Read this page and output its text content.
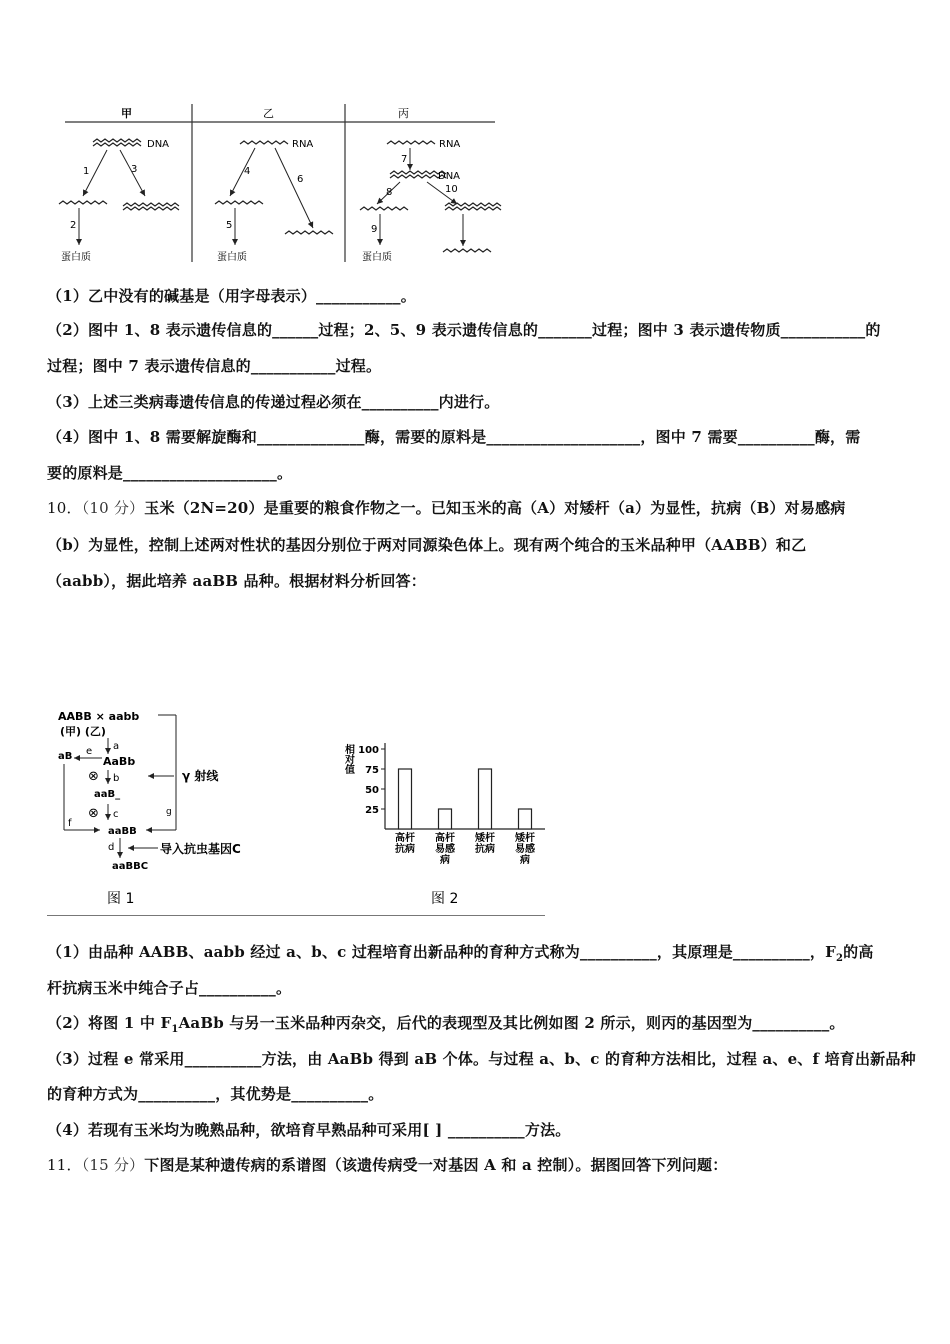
甲	乙	丙
DNA
1	3
2
蛋白质
RNA
4
6
5
蛋白质
RNA
7
DNA
8	10
9
蛋白质
（1）乙中没有的碱基是（用字母表示）___________。
（2）图中 1、8 表示遗传信息的______过程；2、5、9 表示遗传信息的_______过程；图中 3 表示遗传物质___________的
过程；图中 7 表示遗传信息的___________过程。
（3）上述三类病毒遗传信息的传递过程必须在__________内进行。
（4）图中 1、8 需要解旋酶和______________酶，需要的原料是____________________，图中 7 需要__________酶，需
要的原料是____________________。
10．（10 分）玉米（2N=20）是重要的粮食作物之一。已知玉米的高（A）对矮杆（a）为显性，抗病（B）对易感病
（b）为显性，控制上述两对性状的基因分别位于两对同源染色体上。现有两个纯合的玉米品种甲（AABB）和乙
（aabb），据此培养 aaBB 品种。根据材料分析回答：
AABB × aabb
(甲) (乙)
a
AaBb
aB e
⊗ b	γ 射线
aaB_
⊗ c
f
g
aaBB
d	导入抗虫基因C
aaBBC
图 1
相对值
100
75
50
25
高杆抗病
高杆易感病
矮杆抗病
矮杆易感病
图 2
（1）由品种 AABB、aabb 经过 a、b、c 过程培育出新品种的育种方式称为__________，其原理是__________，$F_2$的高
杆抗病玉米中纯合子占__________。
（2）将图 1 中 $F_1AaBb$ 与另一玉米品种丙杂交，后代的表现型及其比例如图 2 所示，则丙的基因型为__________。
（3）过程 e 常采用__________方法，由 AaBb 得到 aB 个体。与过程 a、b、c 的育种方法相比，过程 a、e、f 培育出新品种
的育种方式为__________，其优势是__________。
（4）若现有玉米均为晚熟品种，欲培育早熟品种可采用[ ] __________方法。
11．（15 分）下图是某种遗传病的系谱图（该遗传病受一对基因 A 和 a 控制）。据图回答下列问题：
